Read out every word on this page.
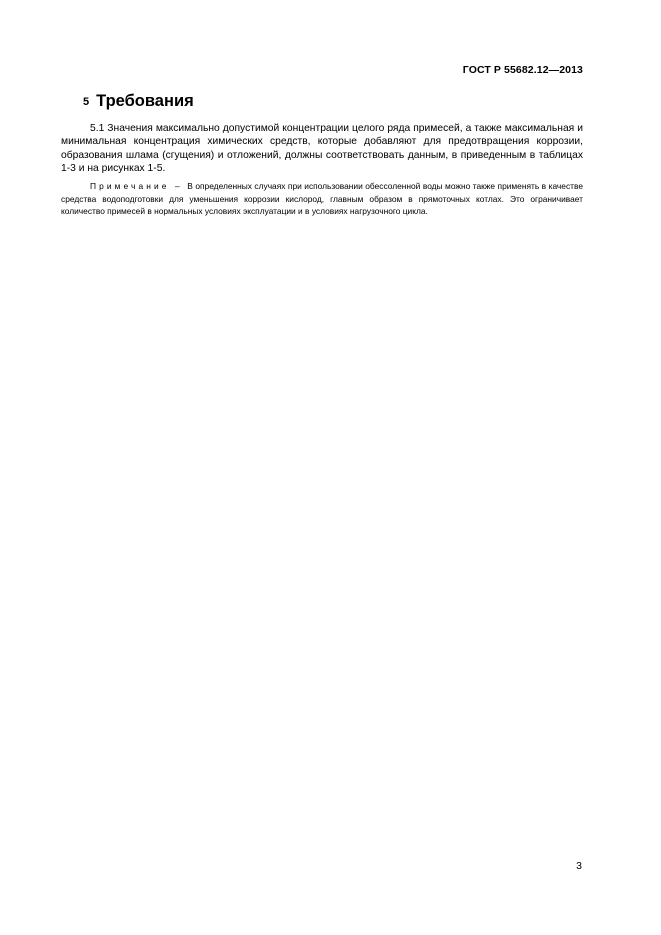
ГОСТ Р 55682.12—2013
5 Требования

5.1 Значения максимально допустимой концентрации целого ряда примесей, а также максимальная и минимальная концентрация химических средств, которые добавляют для предотвращения коррозии, образования шлама (сгущения) и отложений, должны соответствовать данным, в приведенным в таблицах 1-3 и на рисунках 1-5.

Примечание – В определенных случаях при использовании обессоленной воды можно также применять в качестве средства водоподготовки для уменьшения коррозии кислород, главным образом в прямоточных котлах. Это ограничивает количество примесей в нормальных условиях эксплуатации и в условиях нагрузочного цикла.

3
